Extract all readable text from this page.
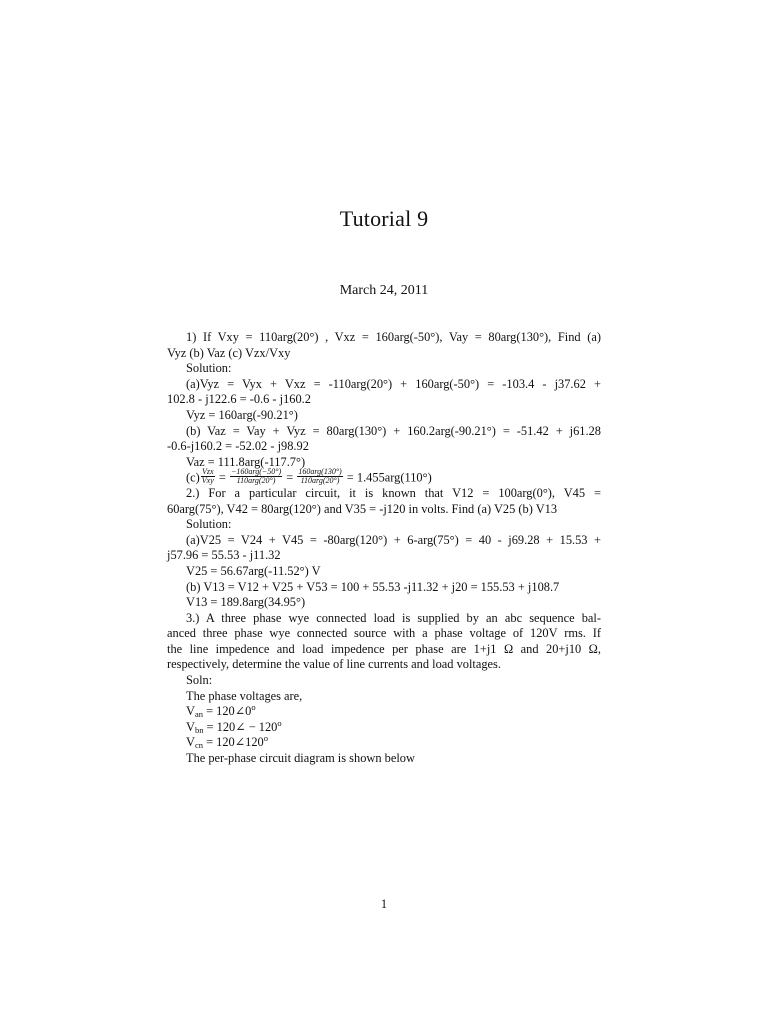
Tutorial 9
March 24, 2011
1) If Vxy = 110arg(20°) , Vxz = 160arg(-50°), Vay = 80arg(130°), Find (a)
Vyz (b) Vaz (c) Vzx/Vxy
Solution:
(a)Vyz = Vyx + Vxz = -110arg(20°) + 160arg(-50°) = -103.4 - j37.62 +
102.8 - j122.6 = -0.6 - j160.2
Vyz = 160arg(-90.21°)
(b) Vaz = Vay + Vyz = 80arg(130°) + 160.2arg(-90.21°) = -51.42 + j61.28
-0.6-j160.2 = -52.02 - j98.92
Vaz = 111.8arg(-117.7°)
$(c) \frac{\text{Vzx}}{\text{Vxy}} = \frac{\text{−160arg(−50°)}}{\text{110arg(20°)}} = \frac{\text{160arg(130°)}}{\text{110arg(20°)}} = 1.455arg(110^\circ)$
2.) For a particular circuit, it is known that V12 = 100arg(0°), V45 =
60arg(75°), V42 = 80arg(120°) and V35 = -j120 in volts. Find (a) V25 (b) V13
Solution:
(a)V25 = V24 + V45 = -80arg(120°) + 6-arg(75°) = 40 - j69.28 + 15.53 +
j57.96 = 55.53 - j11.32
V25 = 56.67arg(-11.52°) V
(b) V13 = V12 + V25 + V53 = 100 + 55.53 -j11.32 + j20 = 155.53 + j108.7
V13 = 189.8arg(34.95°)
3.) A three phase wye connected load is supplied by an abc sequence bal-
anced three phase wye connected source with a phase voltage of 120V rms. If
the line impedence and load impedence per phase are 1+j1 Ω and 20+j10 Ω,
respectively, determine the value of line currents and load voltages.
Soln:
The phase voltages are,
$V_{an}$ = $120\angle 0^o$
$V_{bn}$ = 120∠ − $120^o$
$V_{cn}$ = $120\angle 120^o$
The per-phase circuit diagram is shown below
1
